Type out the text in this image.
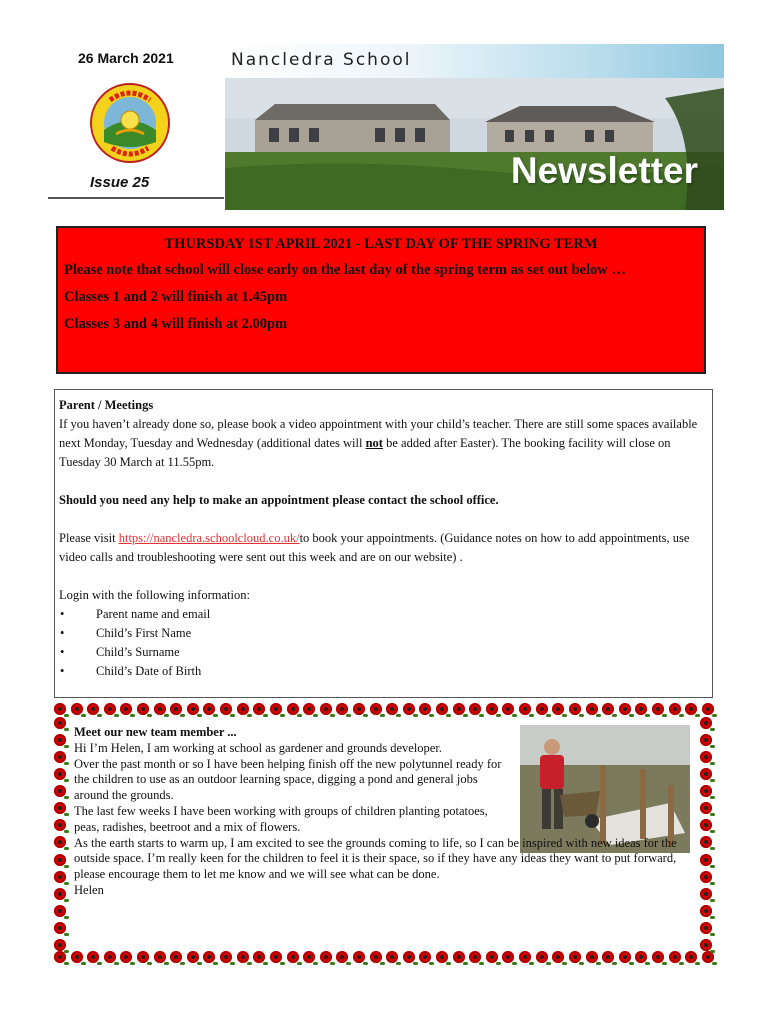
26 March 2021
Issue 25
Nancledra School
Newsletter
THURSDAY 1ST APRIL 2021 - LAST DAY OF THE SPRING TERM
Please note that school will close early on the last day of the spring term as set out below …
Classes 1 and 2 will finish at 1.45pm
Classes 3 and 4 will finish at 2.00pm
Parent / Meetings
If you haven’t already done so, please book a video appointment with your child’s teacher. There are still some spaces available next Monday, Tuesday and Wednesday (additional dates will not be added after Easter). The booking facility will close on Tuesday 30 March at 11.55pm.
Should you need any help to make an appointment please contact the school office.
Please visit https://nancledra.schoolcloud.co.uk/to book your appointments. (Guidance notes on how to add appointments, use video calls and troubleshooting were sent out this week and are on our website) .
Login with the following information:
• Parent name and email
• Child’s First Name
• Child’s Surname
• Child’s Date of Birth
Meet our new team member ...
Hi I’m Helen, I am working at school as gardener and grounds developer.
Over the past month or so I have been helping finish off the new polytunnel ready for the children to use as an outdoor learning space, digging a pond and general jobs around the grounds.
The last few weeks I have been working with groups of children planting potatoes, peas, radishes, beetroot and a mix of flowers.
As the earth starts to warm up, I am excited to see the grounds coming to life, so I can be inspired with new ideas for the outside space. I’m really keen for the children to feel it is their space, so if they have any ideas they want to put forward, please encourage them to let me know and we will see what can be done.
Helen
